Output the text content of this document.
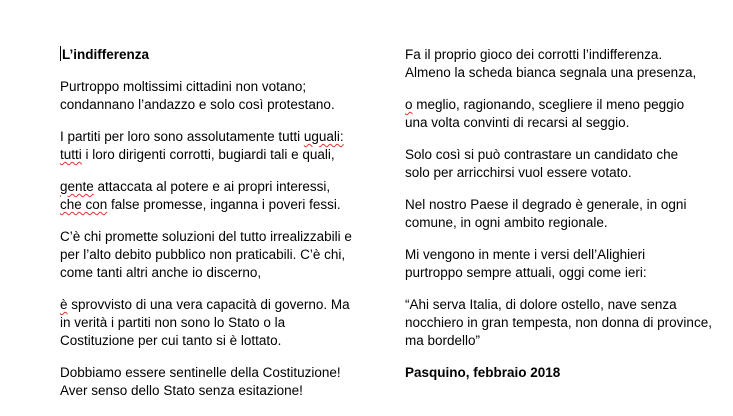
L’indifferenza
Purtroppo moltissimi cittadini non votano;
condannano l’andazzo e solo così protestano.
I partiti per loro sono assolutamente tutti uguali:
tutti i loro dirigenti corrotti, bugiardi tali e quali,
gente attaccata al potere e ai propri interessi,
che con false promesse, inganna i poveri fessi.
C’è chi promette soluzioni del tutto irrealizzabili e
per l’alto debito pubblico non praticabili. C’è chi,
come tanti altri anche io discerno,
è sprovvisto di una vera capacità di governo. Ma
in verità i partiti non sono lo Stato o la
Costituzione per cui tanto si è lottato.
Dobbiamo essere sentinelle della Costituzione!
Aver senso dello Stato senza esitazione!
Fa il proprio gioco dei corrotti l’indifferenza.
Almeno la scheda bianca segnala una presenza,
o meglio, ragionando, scegliere il meno peggio
una volta convinti di recarsi al seggio.
Solo così si può contrastare un candidato che
solo per arricchirsi vuol essere votato.
Nel nostro Paese il degrado è generale, in ogni
comune, in ogni ambito regionale.
Mi vengono in mente i versi dell’Alighieri
purtroppo sempre attuali, oggi come ieri:
“Ahi serva Italia, di dolore ostello, nave senza
nocchiero in gran tempesta, non donna di province,
ma bordello”
Pasquino, febbraio 2018
